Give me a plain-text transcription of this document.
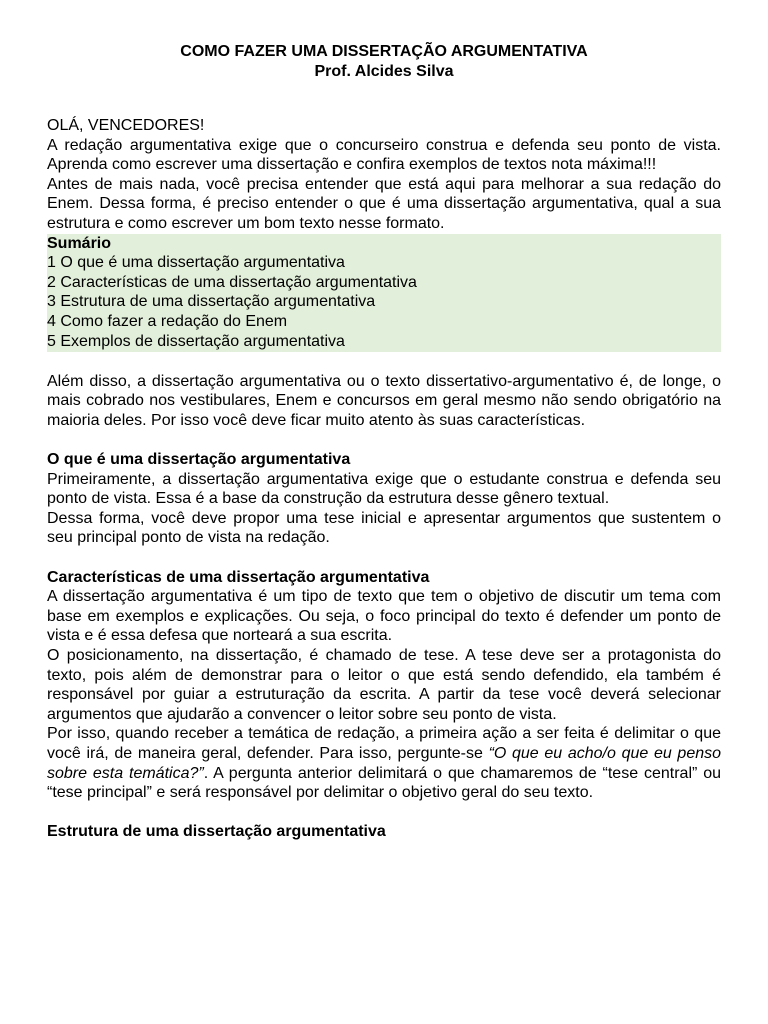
COMO FAZER UMA DISSERTAÇÃO ARGUMENTATIVA
Prof. Alcides Silva

OLÁ, VENCEDORES!

A redação argumentativa exige que o concurseiro construa e defenda seu ponto de vista. Aprenda como escrever uma dissertação e confira exemplos de textos nota máxima!!!

Antes de mais nada, você precisa entender que está aqui para melhorar a sua redação do Enem. Dessa forma, é preciso entender o que é uma dissertação argumentativa, qual a sua estrutura e como escrever um bom texto nesse formato.

Sumário
1 O que é uma dissertação argumentativa
2 Características de uma dissertação argumentativa
3 Estrutura de uma dissertação argumentativa
4 Como fazer a redação do Enem
5 Exemplos de dissertação argumentativa

Além disso, a dissertação argumentativa ou o texto dissertativo-argumentativo é, de longe, o mais cobrado nos vestibulares, Enem e concursos em geral mesmo não sendo obrigatório na maioria deles. Por isso você deve ficar muito atento às suas características.

O que é uma dissertação argumentativa

Primeiramente, a dissertação argumentativa exige que o estudante construa e defenda seu ponto de vista. Essa é a base da construção da estrutura desse gênero textual.

Dessa forma, você deve propor uma tese inicial e apresentar argumentos que sustentem o seu principal ponto de vista na redação.

Características de uma dissertação argumentativa

A dissertação argumentativa é um tipo de texto que tem o objetivo de discutir um tema com base em exemplos e explicações. Ou seja, o foco principal do texto é defender um ponto de vista e é essa defesa que norteará a sua escrita.

O posicionamento, na dissertação, é chamado de tese. A tese deve ser a protagonista do texto, pois além de demonstrar para o leitor o que está sendo defendido, ela também é responsável por guiar a estruturação da escrita. A partir da tese você deverá selecionar argumentos que ajudarão a convencer o leitor sobre seu ponto de vista.

Por isso, quando receber a temática de redação, a primeira ação a ser feita é delimitar o que você irá, de maneira geral, defender. Para isso, pergunte-se “O que eu acho/o que eu penso sobre esta temática?”. A pergunta anterior delimitará o que chamaremos de “tese central” ou “tese principal” e será responsável por delimitar o objetivo geral do seu texto.

Estrutura de uma dissertação argumentativa
